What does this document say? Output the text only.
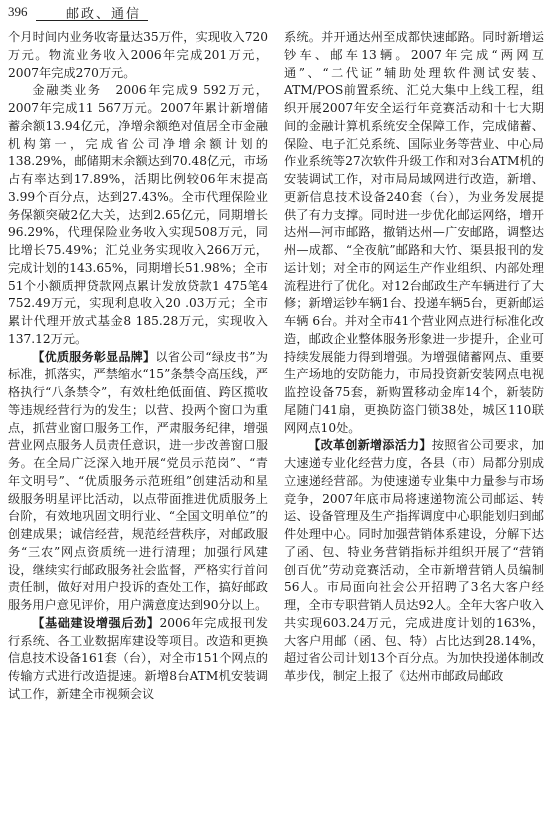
396	邮政、通信

个月时间内业务收寄量达35万件，实现收入720万元。物流业务收入2006年完成201万元，2007年完成270万元。

金融类业务　2006年完成9 592万元，2007年完成11 567万元。2007年累计新增储蓄余额13.94亿元，净增余额绝对值居全市金融机构第一，完成省公司净增余额计划的138.29%，邮储期末余额达到70.48亿元，市场占有率达到17.89%，活期比例较06年末提高3.99个百分点，达到27.43%。全市代理保险业务保额突破2亿大关，达到2.65亿元，同期增长96.29%，代理保险业务收入实现508万元，同比增长75.49%；汇兑业务实现收入266万元，完成计划的143.65%，同期增长51.98%；全市51个小额质押贷款网点累计发放贷款1 475笔4 752.49万元，实现利息收入20 .03万元；全市累计代理开放式基金8 185.28万元，实现收入137.12万元。

【优质服务彰显品牌】以省公司“绿皮书”为标准，抓落实，严禁缩水“15”条禁令高压线，严格执行“八条禁令”，有效杜绝低面值、跨区揽收等违规经营行为的发生；以营、投两个窗口为重点，抓营业窗口服务工作，严肃服务纪律，增强营业网点服务人员责任意识，进一步改善窗口服务。在全局广泛深入地开展“党员示范岗”、“青年文明号”、“优质服务示范班组”创建活动和星级服务明星评比活动，以点带面推进优质服务上台阶，有效地巩固文明行业、“全国文明单位”的创建成果；诚信经营，规范经营秩序，对邮政服务“三农”网点资质统一进行清理；加强行风建设，继续实行邮政服务社会监督，严格实行首问责任制，做好对用户投诉的查处工作，搞好邮政服务用户意见评价，用户满意度达到90分以上。

【基础建设增强后劲】2006年完成报刊发行系统、各工业数据库建设等项目。改造和更换信息技术设备161套（台），对全市151个网点的传输方式进行改造提速。新增8台ATM机安装调试工作，新建全市视频会议

系统。并开通达州至成都快速邮路。同时新增运钞车、邮车13辆。2007年完成“两网互通”、“二代证”辅助处理软件测试安装、ATM/POS前置系统、汇兑大集中上线工程，组织开展2007年安全运行年竞赛活动和十七大期间的金融计算机系统安全保障工作，完成储蓄、保险、电子汇兑系统、国际业务等营业、中心局作业系统等27次软件升级工作和对3台ATM机的安装调试工作，对市局局域网进行改造，新增、更新信息技术设备240套（台），为业务发展提供了有力支撑。同时进一步优化邮运网络，增开达州—河市邮路，撤销达州—广安邮路，调整达州—成都、“全夜航”邮路和大竹、渠县报刊的发运计划；对全市的网运生产作业组织、内部处理流程进行了优化。对12台邮政生产车辆进行了大修；新增运钞车辆1台、投递车辆5台，更新邮运车辆 6台。并对全市41个营业网点进行标准化改造，邮政企业整体服务形象进一步提升，企业可持续发展能力得到增强。为增强储蓄网点、重要生产场地的安防能力，市局投资新安装网点电视监控设备75套，新购置移动金库14个，新装防尾随门41扇，更换防盗门锁38处，城区110联网网点10处。

【改革创新增添活力】按照省公司要求，加大速递专业化经营力度，各县（市）局都分别成立速递经营部。为使速递专业集中力量参与市场竞争，2007年底市局将速递物流公司邮运、转运、设备管理及生产指挥调度中心职能划归到邮件处理中心。同时加强营销体系建设，分解下达了函、包、特业务营销指标并组织开展了“营销创百优”劳动竞赛活动，全市新增营销人员编制56人。市局面向社会公开招聘了3名大客户经理，全市专职营销人员达92人。全年大客户收入共实现603.24万元，完成进度计划的163%，大客户用邮（函、包、特）占比达到28.14%，超过省公司计划13个百分点。为加快投递体制改革步伐，制定上报了《达州市邮政局邮政
